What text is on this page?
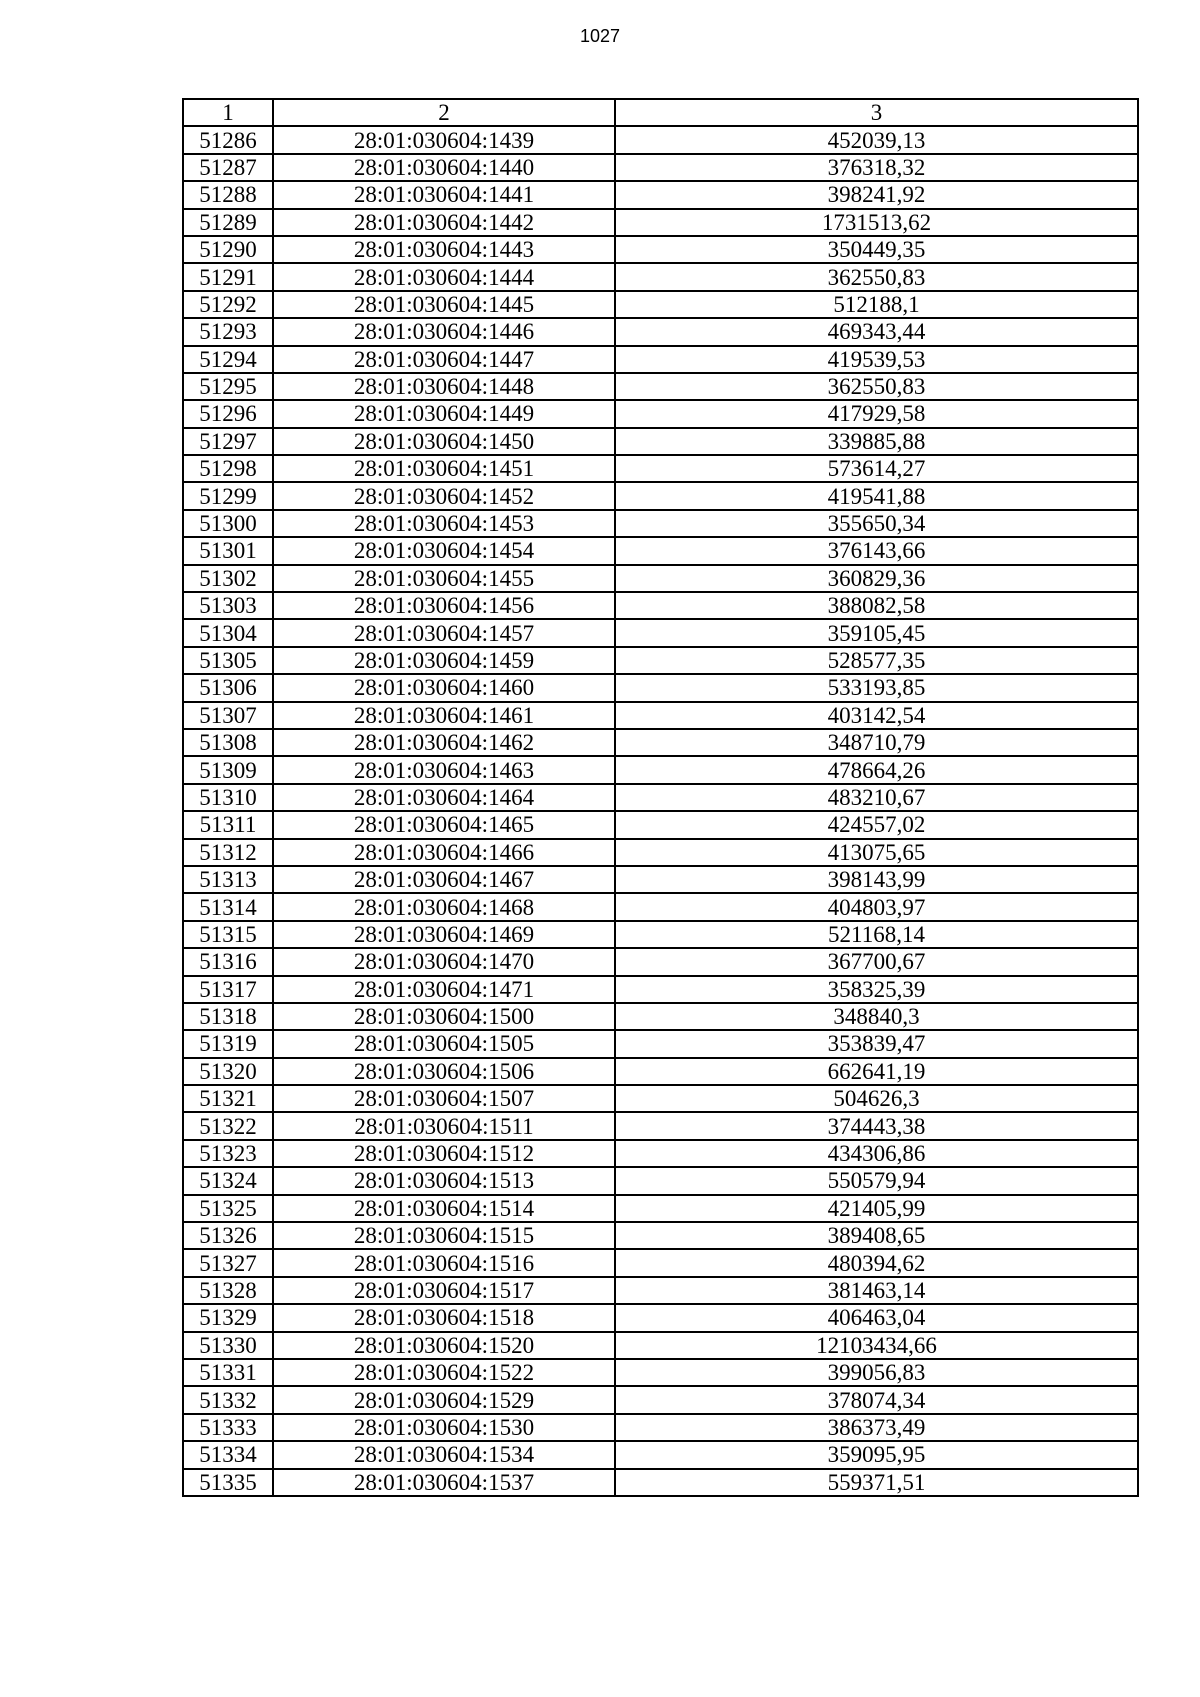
1027
1	2	3
51286	28:01:030604:1439	452039,13
51287	28:01:030604:1440	376318,32
51288	28:01:030604:1441	398241,92
51289	28:01:030604:1442	1731513,62
51290	28:01:030604:1443	350449,35
51291	28:01:030604:1444	362550,83
51292	28:01:030604:1445	512188,1
51293	28:01:030604:1446	469343,44
51294	28:01:030604:1447	419539,53
51295	28:01:030604:1448	362550,83
51296	28:01:030604:1449	417929,58
51297	28:01:030604:1450	339885,88
51298	28:01:030604:1451	573614,27
51299	28:01:030604:1452	419541,88
51300	28:01:030604:1453	355650,34
51301	28:01:030604:1454	376143,66
51302	28:01:030604:1455	360829,36
51303	28:01:030604:1456	388082,58
51304	28:01:030604:1457	359105,45
51305	28:01:030604:1459	528577,35
51306	28:01:030604:1460	533193,85
51307	28:01:030604:1461	403142,54
51308	28:01:030604:1462	348710,79
51309	28:01:030604:1463	478664,26
51310	28:01:030604:1464	483210,67
51311	28:01:030604:1465	424557,02
51312	28:01:030604:1466	413075,65
51313	28:01:030604:1467	398143,99
51314	28:01:030604:1468	404803,97
51315	28:01:030604:1469	521168,14
51316	28:01:030604:1470	367700,67
51317	28:01:030604:1471	358325,39
51318	28:01:030604:1500	348840,3
51319	28:01:030604:1505	353839,47
51320	28:01:030604:1506	662641,19
51321	28:01:030604:1507	504626,3
51322	28:01:030604:1511	374443,38
51323	28:01:030604:1512	434306,86
51324	28:01:030604:1513	550579,94
51325	28:01:030604:1514	421405,99
51326	28:01:030604:1515	389408,65
51327	28:01:030604:1516	480394,62
51328	28:01:030604:1517	381463,14
51329	28:01:030604:1518	406463,04
51330	28:01:030604:1520	12103434,66
51331	28:01:030604:1522	399056,83
51332	28:01:030604:1529	378074,34
51333	28:01:030604:1530	386373,49
51334	28:01:030604:1534	359095,95
51335	28:01:030604:1537	559371,51
